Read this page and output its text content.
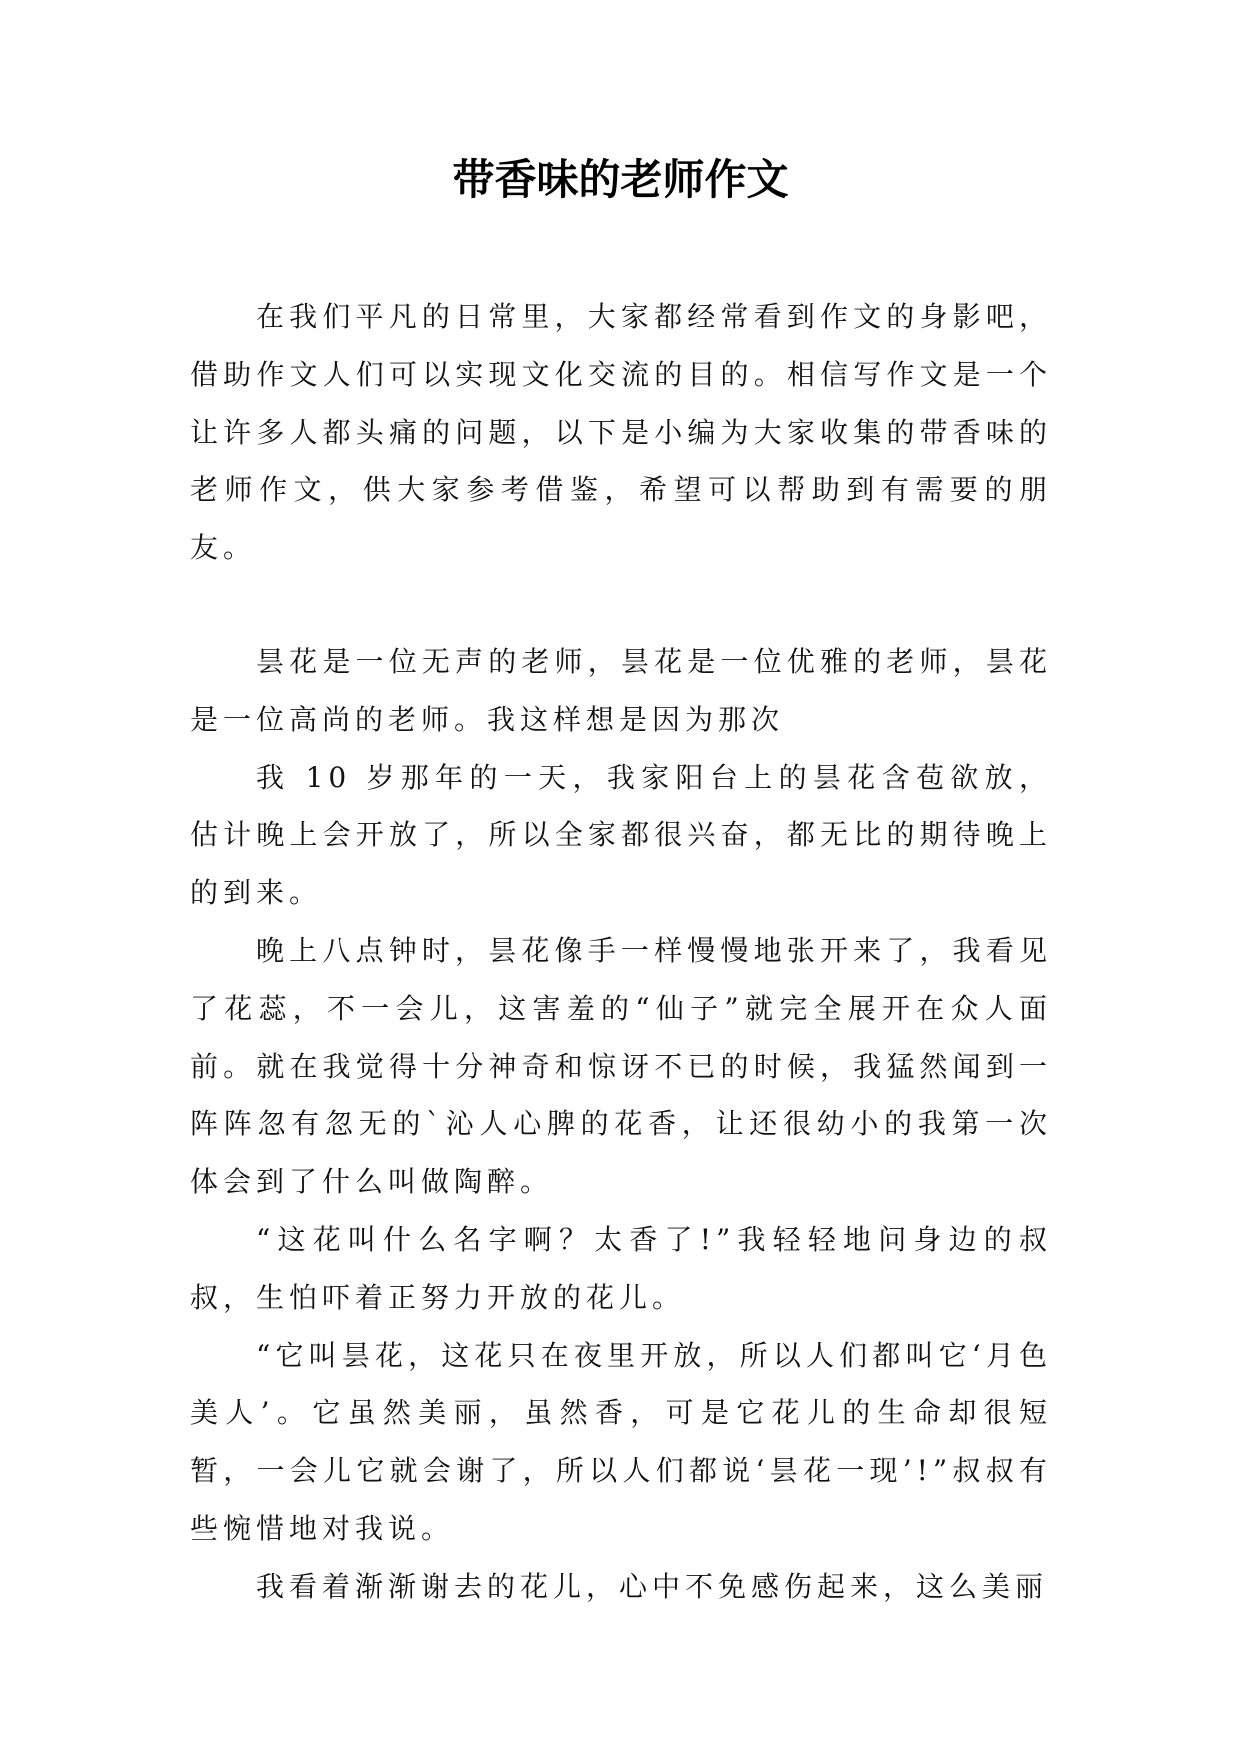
带香味的老师作文

在我们平凡的日常里，大家都经常看到作文的身影吧，借助作文人们可以实现文化交流的目的。相信写作文是一个让许多人都头痛的问题，以下是小编为大家收集的带香味的老师作文，供大家参考借鉴，希望可以帮助到有需要的朋友。

昙花是一位无声的老师，昙花是一位优雅的老师，昙花是一位高尚的老师。我这样想是因为那次

我 10 岁那年的一天，我家阳台上的昙花含苞欲放，估计晚上会开放了，所以全家都很兴奋，都无比的期待晚上的到来。

晚上八点钟时，昙花像手一样慢慢地张开来了，我看见了花蕊，不一会儿，这害羞的“仙子”就完全展开在众人面前。就在我觉得十分神奇和惊讶不已的时候，我猛然闻到一阵阵忽有忽无的`沁人心脾的花香，让还很幼小的我第一次体会到了什么叫做陶醉。

“这花叫什么名字啊？太香了!”我轻轻地问身边的叔叔，生怕吓着正努力开放的花儿。

“它叫昙花，这花只在夜里开放，所以人们都叫它‘月色美人’。它虽然美丽，虽然香，可是它花儿的生命却很短暂，一会儿它就会谢了，所以人们都说‘昙花一现’!”叔叔有些惋惜地对我说。

我看着渐渐谢去的花儿，心中不免感伤起来，这么美丽
